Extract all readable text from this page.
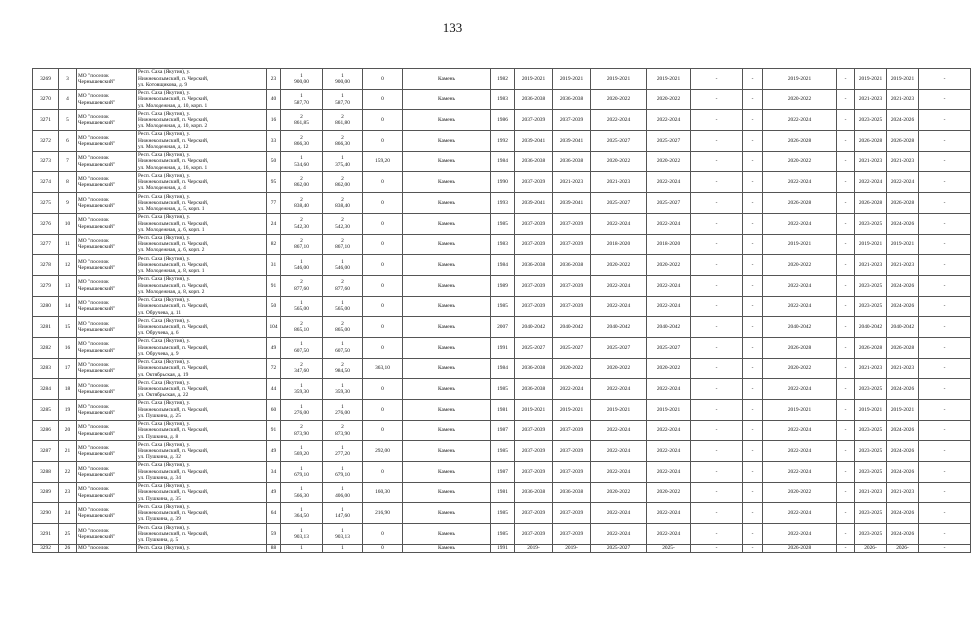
133
3269	3	МО "поселок Чернышевский"	Респ. Саха (Якутия), у.
Нижнеколымский, п. Черский,
ул. Котовщикова, д. 9	23	1
900,00	1
900,00	0	Камень	1982	2019-2021	2019-2021	2019-2021	2019-2021	-	-	2019-2021	-	2019-2021	2019-2021	-
3270	4	МО "поселок Чернышевский"	Респ. Саха (Якутия), у.
Нижнеколымский, п. Черский,
ул. Молодежная, д. 10, корп. 1	40	1
587,70	1
587,70	0	Камень	1983	2036-2038	2036-2038	2020-2022	2020-2022	-	-	2020-2022	-	2021-2023	2021-2023	-
3271	5	МО "поселок Чернышевский"	Респ. Саха (Якутия), у.
Нижнеколымский, п. Черский,
ул. Молодежная, д. 10, корп. 2	16	2
861,85	2
861,80	0	Камень	1986	2037-2039	2037-2039	2022-2024	2022-2024	-	-	2022-2024	-	2023-2025	2024-2026	-
3272	6	МО "поселок Чернышевский"	Респ. Саха (Якутия), у.
Нижнеколымский, п. Черский,
ул. Молодежная, д. 12	33	2
866,30	2
866,30	0	Камень	1992	2039-2041	2039-2041	2025-2027	2025-2027	-	-	2026-2028	-	2026-2028	2026-2028	-
3273	7	МО "поселок Чернышевский"	Респ. Саха (Якутия), у.
Нижнеколымский, п. Черский,
ул. Молодежная, д. 16, корп. 1	50	1
534,60	1
375,40	159,20	Камень	1984	2036-2038	2036-2038	2020-2022	2020-2022	-	-	2020-2022	-	2021-2023	2021-2023	-
3274	8	МО "поселок Чернышевский"	Респ. Саха (Якутия), у.
Нижнеколымский, п. Черский,
ул. Молодежная, д. 4	95	2
862,00	2
862,00	0	Камень	1990	2037-2039	2021-2023	2021-2023	2022-2024	-	-	2022-2024	-	2022-2024	2022-2024	-
3275	9	МО "поселок Чернышевский"	Респ. Саха (Якутия), у.
Нижнеколымский, п. Черский,
ул. Молодежная, д. 5, корп. 1	77	2
838,40	2
838,40	0	Камень	1993	2039-2041	2039-2041	2025-2027	2025-2027	-	-	2026-2028	-	2026-2028	2026-2028	-
3276	10	МО "поселок Чернышевский"	Респ. Саха (Якутия), у.
Нижнеколымский, п. Черский,
ул. Молодежная, д. 6, корп. 1	24	2
542,30	2
542,30	0	Камень	1985	2037-2039	2037-2039	2022-2024	2022-2024	-	-	2022-2024	-	2023-2025	2024-2026	-
3277	11	МО "поселок Чернышевский"	Респ. Саха (Якутия), у.
Нижнеколымский, п. Черский,
ул. Молодежная, д. 6, корп. 2	82	2
867,10	2
867,10	0	Камень	1983	2037-2039	2037-2039	2018-2020	2018-2020	-	-	2019-2021	-	2019-2021	2019-2021	-
3278	12	МО "поселок Чернышевский"	Респ. Саха (Якутия), у.
Нижнеколымский, п. Черский,
ул. Молодежная, д. 8, корп. 1	31	1
546,00	1
546,00	0	Камень	1984	2036-2038	2036-2038	2020-2022	2020-2022	-	-	2020-2022	-	2021-2023	2021-2023	-
3279	13	МО "поселок Чернышевский"	Респ. Саха (Якутия), у.
Нижнеколымский, п. Черский,
ул. Молодежная, д. 8, корп. 2	91	2
877,60	2
877,60	0	Камень	1989	2037-2039	2037-2039	2022-2024	2022-2024	-	-	2022-2024	-	2023-2025	2024-2026	-
3280	14	МО "поселок Чернышевский"	Респ. Саха (Якутия), у.
Нижнеколымский, п. Черский,
ул. Обручева, д. 11	50	1
565,00	1
565,00	0	Камень	1985	2037-2039	2037-2039	2022-2024	2022-2024	-	-	2022-2024	-	2023-2025	2024-2026	-
3281	15	МО "поселок Чернышевский"	Респ. Саха (Якутия), у.
Нижнеколымский, п. Черский,
ул. Обручева, д. 6	104	2
865,10	2
865,00	0	Камень	2007	2040-2042	2040-2042	2040-2042	2040-2042	-	-	2040-2042	-	2040-2042	2040-2042	-
3282	16	МО "поселок Чернышевский"	Респ. Саха (Якутия), у.
Нижнеколымский, п. Черский,
ул. Обручева, д. 9	49	1
607,50	1
607,50	0	Камень	1991	2025-2027	2025-2027	2025-2027	2025-2027	-	-	2026-2028	-	2026-2028	2026-2028	-
3283	17	МО "поселок Чернышевский"	Респ. Саха (Якутия), у.
Нижнеколымский, п. Черский,
ул. Октябрьская, д. 19	72	2
347,60	2
984,50	363,10	Камень	1984	2036-2038	2020-2022	2020-2022	2020-2022	-	-	2020-2022	-	2021-2023	2021-2023	-
3284	18	МО "поселок Чернышевский"	Респ. Саха (Якутия), у.
Нижнеколымский, п. Черский,
ул. Октябрьская, д. 22	44	1
359,30	1
359,30	0	Камень	1985	2036-2038	2022-2024	2022-2024	2022-2024	-	-	2022-2024	-	2023-2025	2024-2026	-
3285	19	МО "поселок Чернышевский"	Респ. Саха (Якутия), у.
Нижнеколымский, п. Черский,
ул. Пушкина, д. 25	60	1
276,00	1
276,00	0	Камень	1981	2019-2021	2019-2021	2019-2021	2019-2021	-	-	2019-2021	-	2019-2021	2019-2021	-
3286	20	МО "поселок Чернышевский"	Респ. Саха (Якутия), у.
Нижнеколымский, п. Черский,
ул. Пушкина, д. 8	91	2
873,90	2
873,90	0	Камень	1987	2037-2039	2037-2039	2022-2024	2022-2024	-	-	2022-2024	-	2023-2025	2024-2026	-
3287	21	МО "поселок Чернышевский"	Респ. Саха (Якутия), у.
Нижнеколымский, п. Черский,
ул. Пушкина, д. 32	49	1
569,20	1
277,20	292,00	Камень	1985	2037-2039	2037-2039	2022-2024	2022-2024	-	-	2022-2024	-	2023-2025	2024-2026	-
3288	22	МО "поселок Чернышевский"	Респ. Саха (Якутия), у.
Нижнеколымский, п. Черский,
ул. Пушкина, д. 34	34	1
679,10	1
679,10	0	Камень	1987	2037-2039	2037-2039	2022-2024	2022-2024	-	-	2022-2024	-	2023-2025	2024-2026	-
3289	23	МО "поселок Чернышевский"	Респ. Саха (Якутия), у.
Нижнеколымский, п. Черский,
ул. Пушкина, д. 35	49	1
566,30	1
406,00	160,30	Камень	1981	2036-2038	2036-2038	2020-2022	2020-2022	-	-	2020-2022	-	2021-2023	2021-2023	-
3290	24	МО "поселок Чернышевский"	Респ. Саха (Якутия), у.
Нижнеколымский, п. Черский,
ул. Пушкина, д. 39	64	1
364,50	1
147,60	216,90	Камень	1985	2037-2039	2037-2039	2022-2024	2022-2024	-	-	2022-2024	-	2023-2025	2024-2026	-
3291	25	МО "поселок Чернышевский"	Респ. Саха (Якутия), у.
Нижнеколымский, п. Черский,
ул. Пушкина, д. 5	59	1
903,13	1
903,13	0	Камень	1985	2037-2039	2037-2039	2022-2024	2022-2024	-	-	2022-2024	-	2023-2025	2024-2026	-
3292	26	МО "поселок	Респ. Саха (Якутия), у.	88	1	1	0	Камень	1991	2019-	2019-	2025-2027	2025-	-	-	2026-2028	-	2026-	2026-	-
